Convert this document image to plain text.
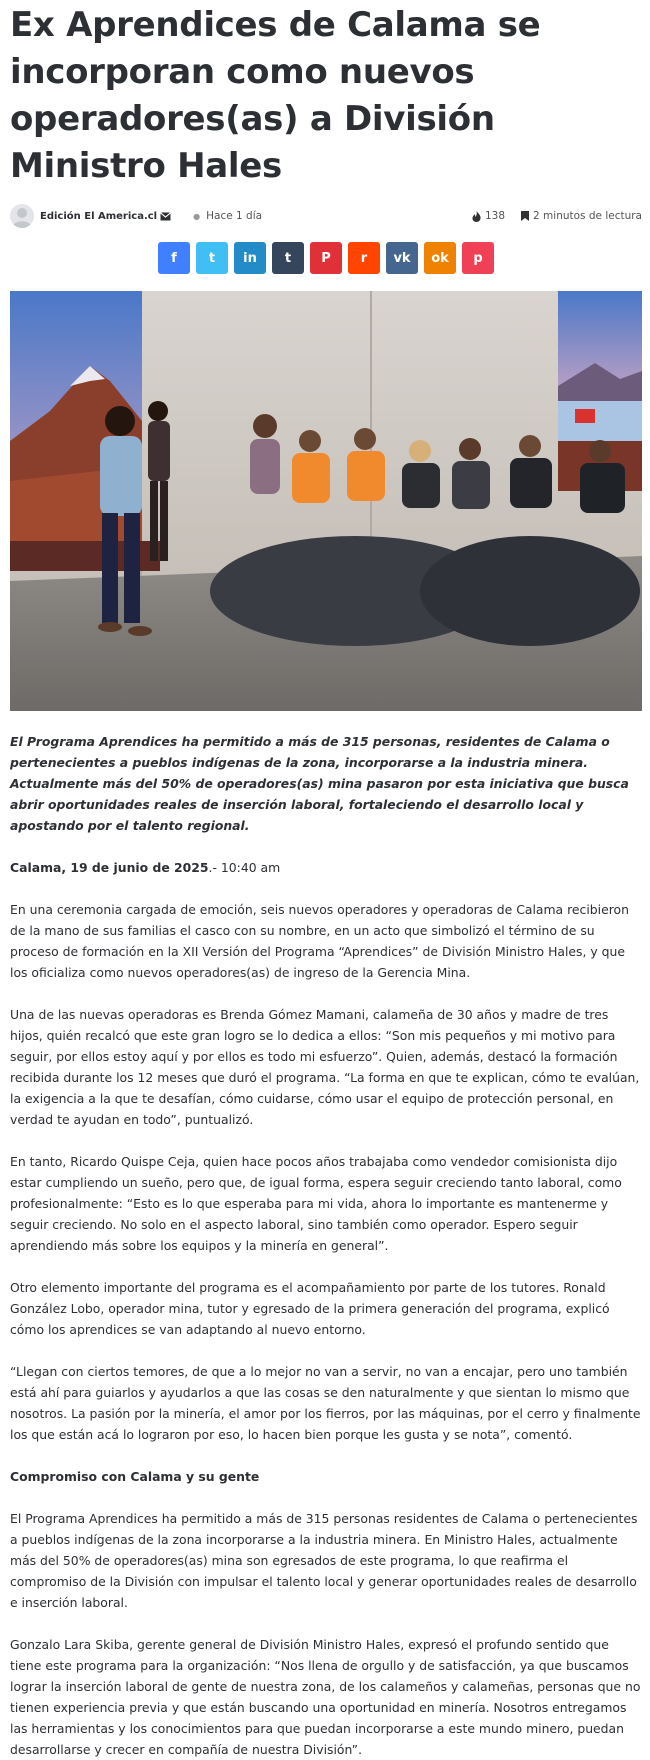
Ex Aprendices de Calama se incorporan como nuevos operadores(as) a División Ministro Hales
Edición El America.cl	● Hace 1 día	138	2 minutos de lectura
f t in t P r vk ok p

El Programa Aprendices ha permitido a más de 315 personas, residentes de Calama o pertenecientes a pueblos indígenas de la zona, incorporarse a la industria minera. Actualmente más del 50% de operadores(as) mina pasaron por esta iniciativa que busca abrir oportunidades reales de inserción laboral, fortaleciendo el desarrollo local y apostando por el talento regional.

Calama, 19 de junio de 2025.- 10:40 am

En una ceremonia cargada de emoción, seis nuevos operadores y operadoras de Calama recibieron de la mano de sus familias el casco con su nombre, en un acto que simbolizó el término de su proceso de formación en la XII Versión del Programa “Aprendices” de División Ministro Hales, y que los oficializa como nuevos operadores(as) de ingreso de la Gerencia Mina.

Una de las nuevas operadoras es Brenda Gómez Mamani, calameña de 30 años y madre de tres hijos, quién recalcó que este gran logro se lo dedica a ellos: “Son mis pequeños y mi motivo para seguir, por ellos estoy aquí y por ellos es todo mi esfuerzo”. Quien, además, destacó la formación recibida durante los 12 meses que duró el programa. “La forma en que te explican, cómo te evalúan, la exigencia a la que te desafían, cómo cuidarse, cómo usar el equipo de protección personal, en verdad te ayudan en todo”, puntualizó.

En tanto, Ricardo Quispe Ceja, quien hace pocos años trabajaba como vendedor comisionista dijo estar cumpliendo un sueño, pero que, de igual forma, espera seguir creciendo tanto laboral, como profesionalmente: “Esto es lo que esperaba para mi vida, ahora lo importante es mantenerme y seguir creciendo. No solo en el aspecto laboral, sino también como operador. Espero seguir aprendiendo más sobre los equipos y la minería en general”.

Otro elemento importante del programa es el acompañamiento por parte de los tutores. Ronald González Lobo, operador mina, tutor y egresado de la primera generación del programa, explicó cómo los aprendices se van adaptando al nuevo entorno.

“Llegan con ciertos temores, de que a lo mejor no van a servir, no van a encajar, pero uno también está ahí para guiarlos y ayudarlos a que las cosas se den naturalmente y que sientan lo mismo que nosotros. La pasión por la minería, el amor por los fierros, por las máquinas, por el cerro y finalmente los que están acá lo lograron por eso, lo hacen bien porque les gusta y se nota”, comentó.

Compromiso con Calama y su gente

El Programa Aprendices ha permitido a más de 315 personas residentes de Calama o pertenecientes a pueblos indígenas de la zona incorporarse a la industria minera. En Ministro Hales, actualmente más del 50% de operadores(as) mina son egresados de este programa, lo que reafirma el compromiso de la División con impulsar el talento local y generar oportunidades reales de desarrollo e inserción laboral.

Gonzalo Lara Skiba, gerente general de División Ministro Hales, expresó el profundo sentido que tiene este programa para la organización: “Nos llena de orgullo y de satisfacción, ya que buscamos lograr la inserción laboral de gente de nuestra zona, de los calameños y calameñas, personas que no tienen experiencia previa y que están buscando una oportunidad en minería. Nosotros entregamos las herramientas y los conocimientos para que puedan incorporarse a este mundo minero, puedan desarrollarse y crecer en compañía de nuestra División”.
